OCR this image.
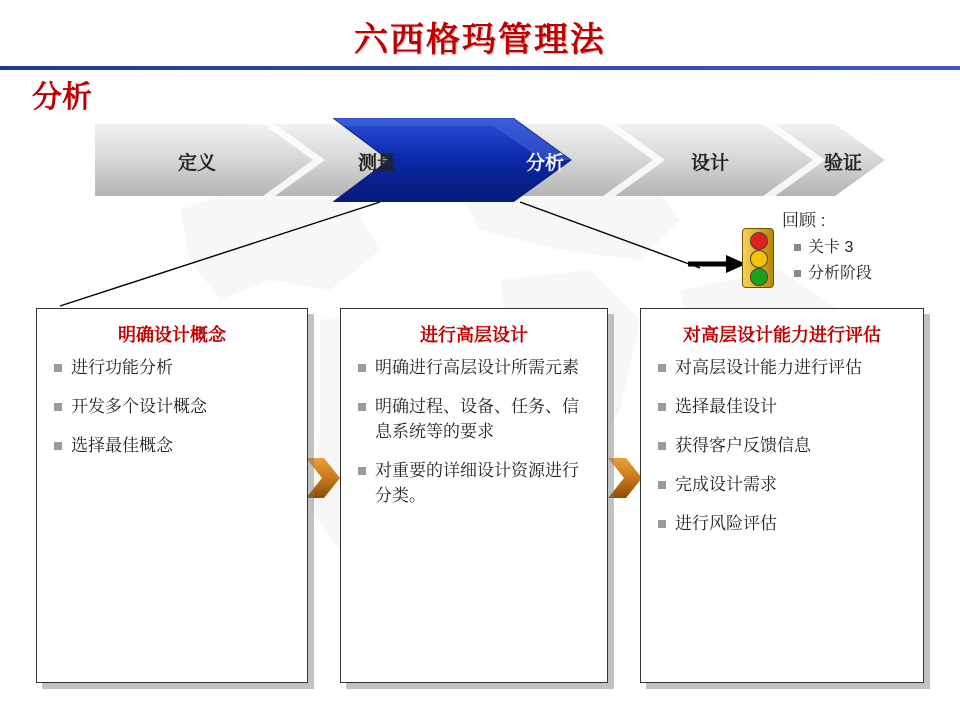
六西格玛管理法
分析
定义	测量	分析	设计	验证
回顾 :
关卡 3
分析阶段
明确设计概念
进行功能分析
开发多个设计概念
选择最佳概念
进行高层设计
明确进行高层设计所需元素
明确过程、设备、任务、信息系统等的要求
对重要的详细设计资源进行分类。
对高层设计能力进行评估
对高层设计能力进行评估
选择最佳设计
获得客户反馈信息
完成设计需求
进行风险评估
